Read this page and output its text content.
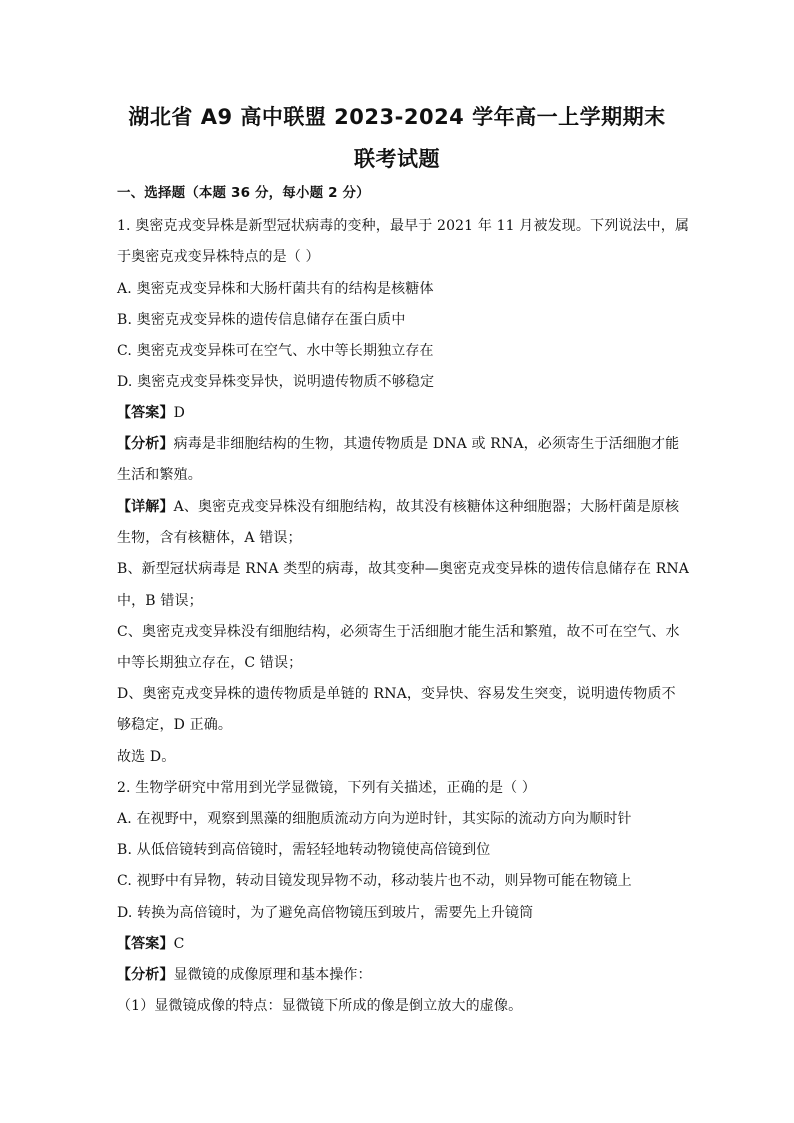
湖北省 A9 高中联盟 2023-2024 学年高一上学期期末
联考试题
一、选择题（本题 36 分，每小题 2 分）
1. 奥密克戎变异株是新型冠状病毒的变种，最早于 2021 年 11 月被发现。下列说法中，属
于奥密克戎变异株特点的是（ ）
A. 奥密克戎变异株和大肠杆菌共有的结构是核糖体
B. 奥密克戎变异株的遗传信息储存在蛋白质中
C. 奥密克戎变异株可在空气、水中等长期独立存在
D. 奥密克戎变异株变异快，说明遗传物质不够稳定
【答案】D
【分析】病毒是非细胞结构的生物，其遗传物质是 DNA 或 RNA，必须寄生于活细胞才能
生活和繁殖。
【详解】A、奥密克戎变异株没有细胞结构，故其没有核糖体这种细胞器；大肠杆菌是原核
生物，含有核糖体，A 错误；
B、新型冠状病毒是 RNA 类型的病毒，故其变种—奥密克戎变异株的遗传信息储存在 RNA
中，B 错误；
C、奥密克戎变异株没有细胞结构，必须寄生于活细胞才能生活和繁殖，故不可在空气、水
中等长期独立存在，C 错误；
D、奥密克戎变异株的遗传物质是单链的 RNA，变异快、容易发生突变，说明遗传物质不
够稳定，D 正确。
故选 D。
2. 生物学研究中常用到光学显微镜，下列有关描述，正确的是（ ）
A. 在视野中，观察到黑藻的细胞质流动方向为逆时针，其实际的流动方向为顺时针
B. 从低倍镜转到高倍镜时，需轻轻地转动物镜使高倍镜到位
C. 视野中有异物，转动目镜发现异物不动，移动装片也不动，则异物可能在物镜上
D. 转换为高倍镜时，为了避免高倍物镜压到玻片，需要先上升镜筒
【答案】C
【分析】显微镜的成像原理和基本操作：
（1）显微镜成像的特点：显微镜下所成的像是倒立放大的虚像。
